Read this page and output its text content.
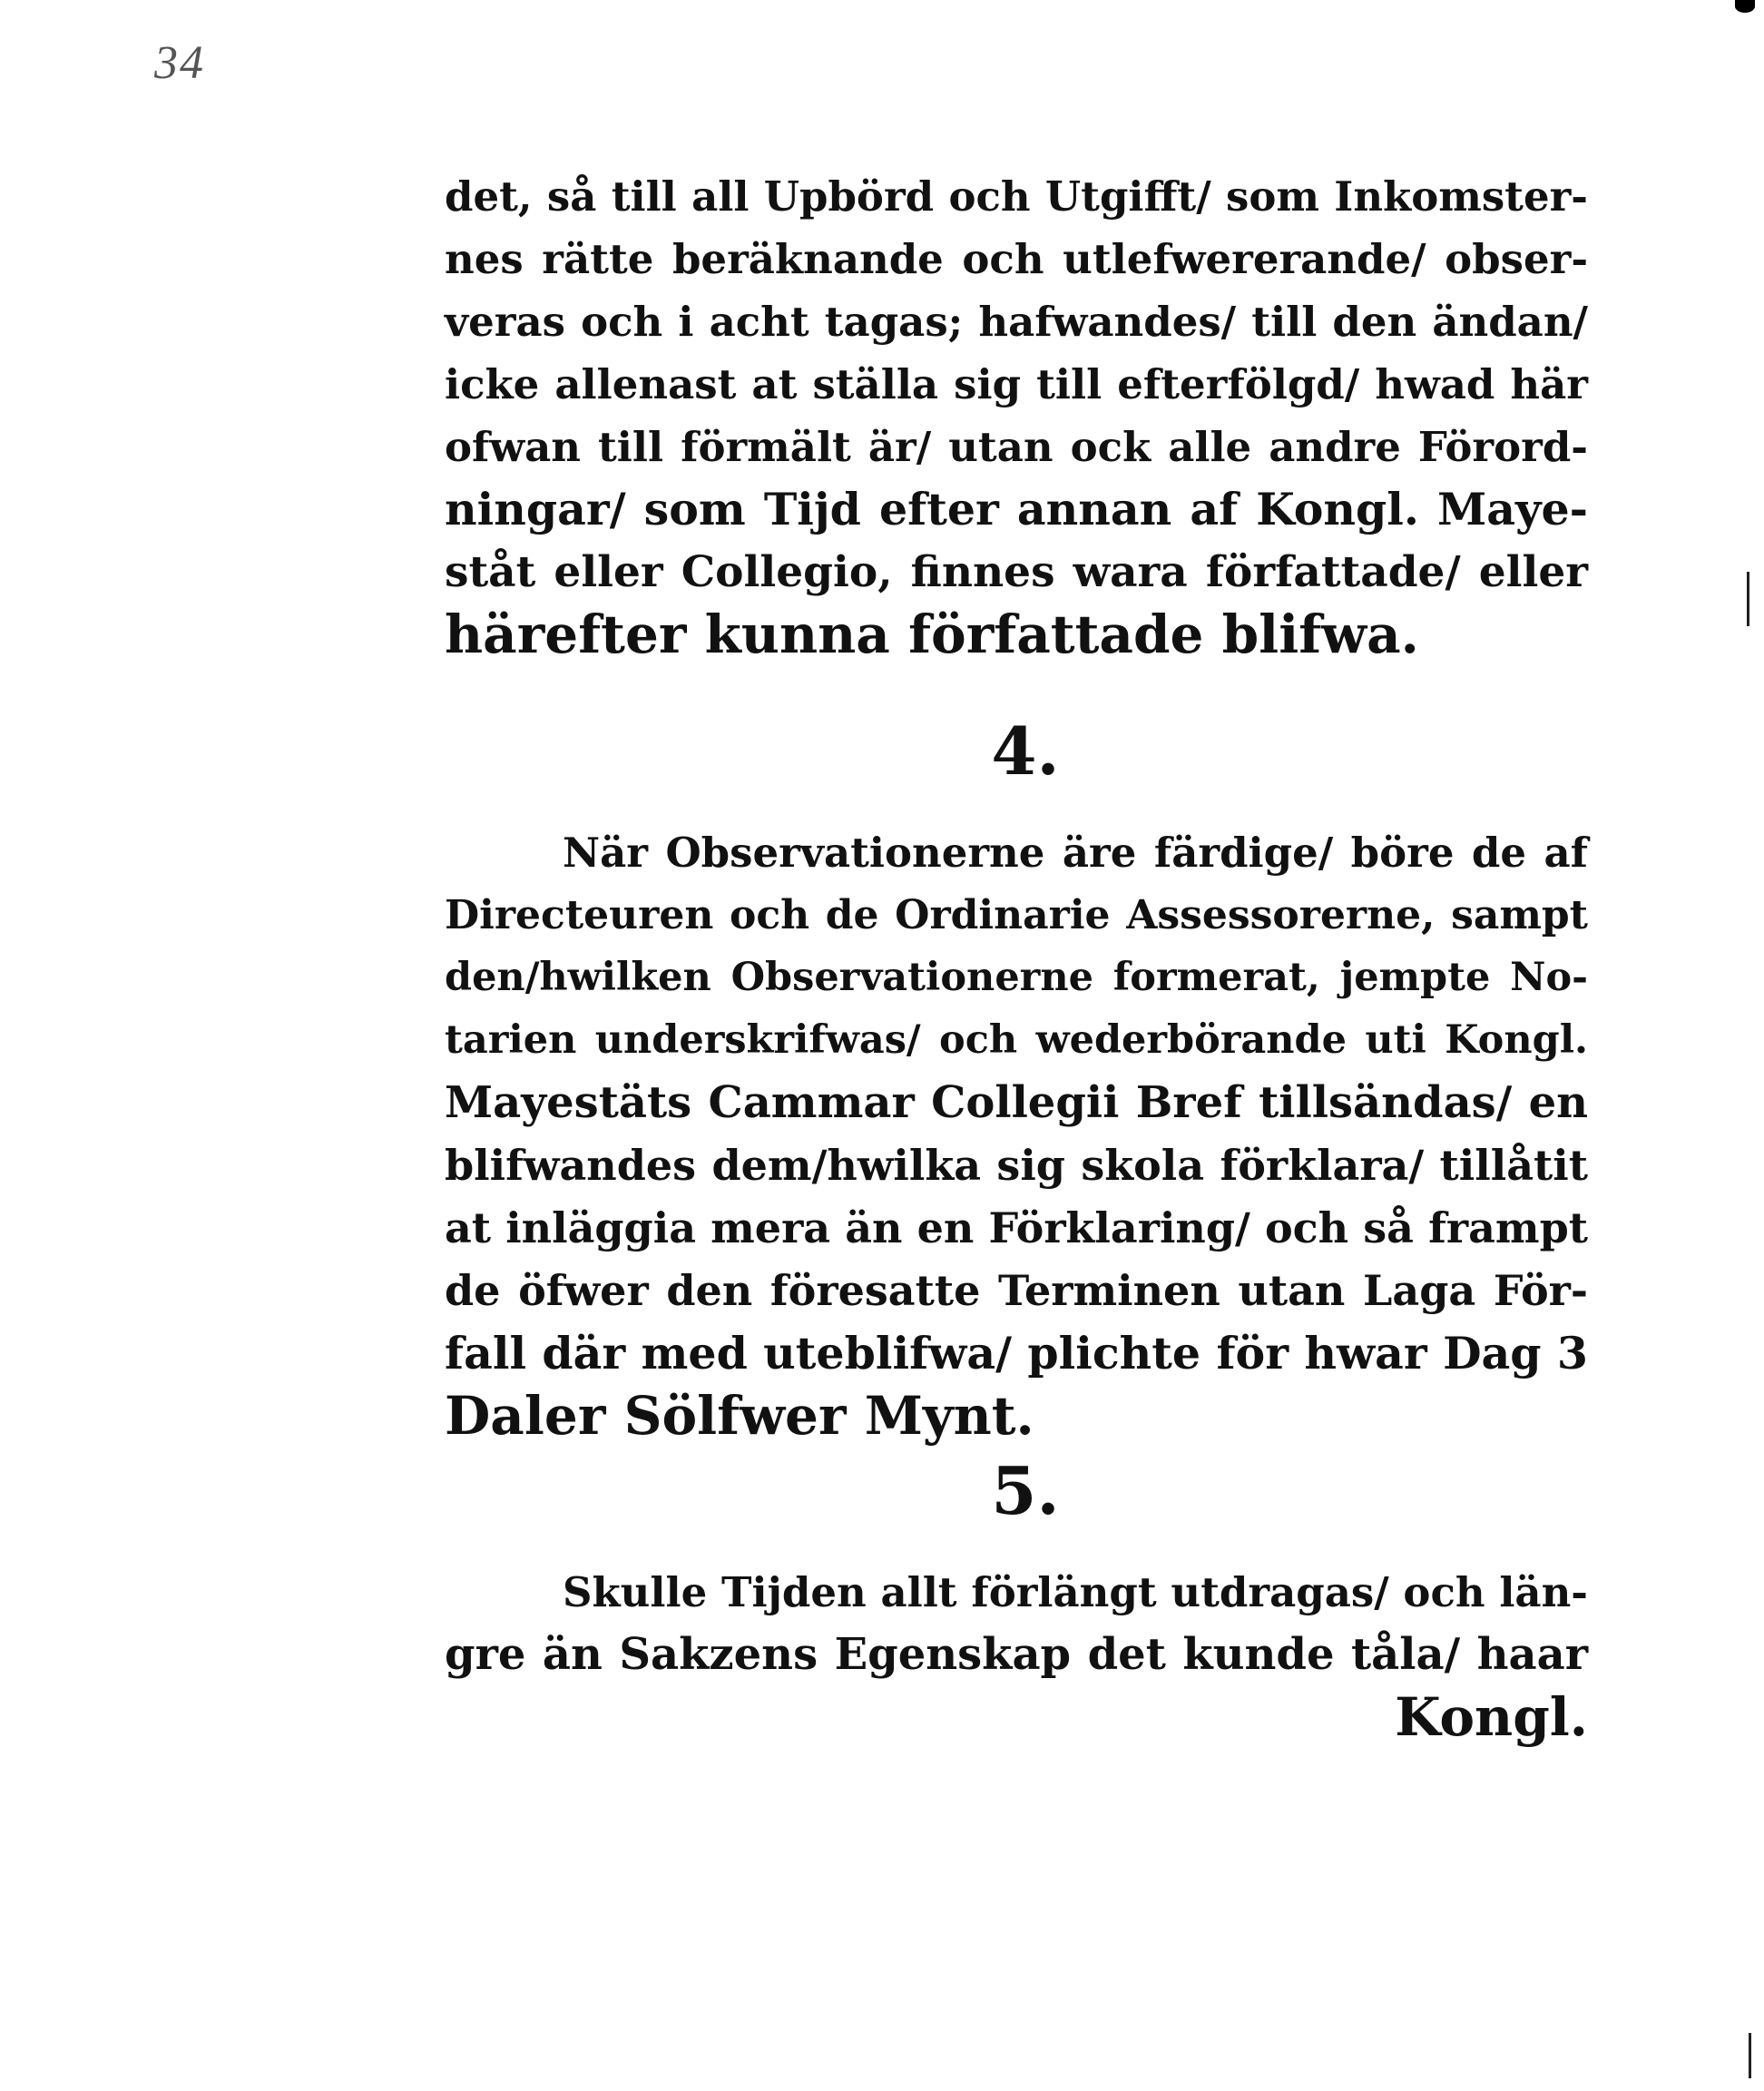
34
det, så till all Upbörd och Utgifft/ som Inkomster-
nes rätte beräknande och utlefwererande/ obser-
veras och i acht tagas; hafwandes/ till den ändan/
icke allenast at ställa sig till efterfölgd/ hwad här
ofwan till förmält är/ utan ock alle andre Förord-
ningar/ som Tijd efter annan af Kongl. Maye-
ståt eller Collegio, finnes wara författade/ eller
härefter kunna författade blifwa.
4.
När Observationerne äre färdige/ böre de af
Directeuren och de Ordinarie Assessorerne, sampt
den/hwilken Observationerne formerat, jempte No-
tarien underskrifwas/ och wederbörande uti Kongl.
Mayestäts Cammar Collegii Bref tillsändas/ en
blifwandes dem/hwilka sig skola förklara/ tillåtit
at inläggia mera än en Förklaring/ och så frampt
de öfwer den föresatte Terminen utan Laga För-
fall där med uteblifwa/ plichte för hwar Dag 3
Daler Sölfwer Mynt.
5.
Skulle Tijden allt förlängt utdragas/ och län-
gre än Sakzens Egenskap det kunde tåla/ haar
Kongl.
